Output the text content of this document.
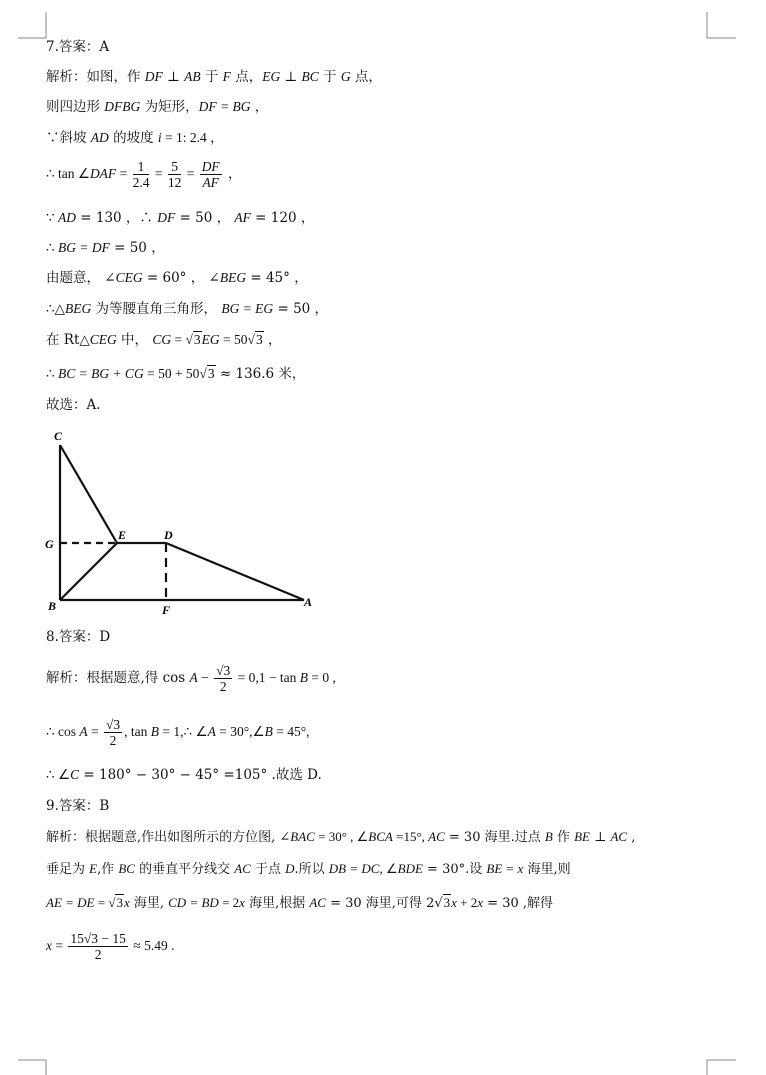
7.答案：A
解析：如图，作 DF ⊥ AB 于 F 点，EG ⊥ BC 于 G 点，
则四边形 DFBG 为矩形，DF = BG ，
∵斜坡 AD 的坡度 i = 1: 2.4 ，
∴ tan ∠DAF = $\frac{1}{2.4} = \frac{5}{12} = \frac{DF}{AF}$ ，
∵ AD = 130 ，∴ DF = 50 ， AF = 120 ，
∴ BG = DF = 50 ，
由题意， ∠CEG = 60° ， ∠BEG = 45° ，
∴△BEG 为等腰直角三角形， BG = EG = 50 ，
在 Rt△CEG 中， CG = √3EG = 50√3 ，
∴ BC = BG + CG = 50 + 50√3 ≈ 136.6 米，
故选：A.
C
G
E	D
B	F
A
8.答案：D
解析：根据题意,得 $\cos A - \frac{√3}{2} = 0,1 - \tan B = 0$ ,
∴ $\cos A = \frac{√3}{2}$ , tan B = 1,∴ ∠A = 30°,∠B = 45°,
∴ ∠C = 180° − 30° − 45° =105° .故选 D.
9.答案：B
解析：根据题意,作出如图所示的方位图, ∠BAC = 30° , ∠BCA =15°, AC = 30 海里.过点 B 作 BE ⊥ AC ,
垂足为 E,作 BC 的垂直平分线交 AC 于点 D.所以 DB = DC, ∠BDE = 30°.设 BE = x 海里,则
AE = DE = √3x 海里, CD = BD = 2x 海里,根据 AC = 30 海里,可得 2√3x + 2x = 30 ,解得
$x = \frac{15√3 - 15}{2} \approx 5.49$ .
